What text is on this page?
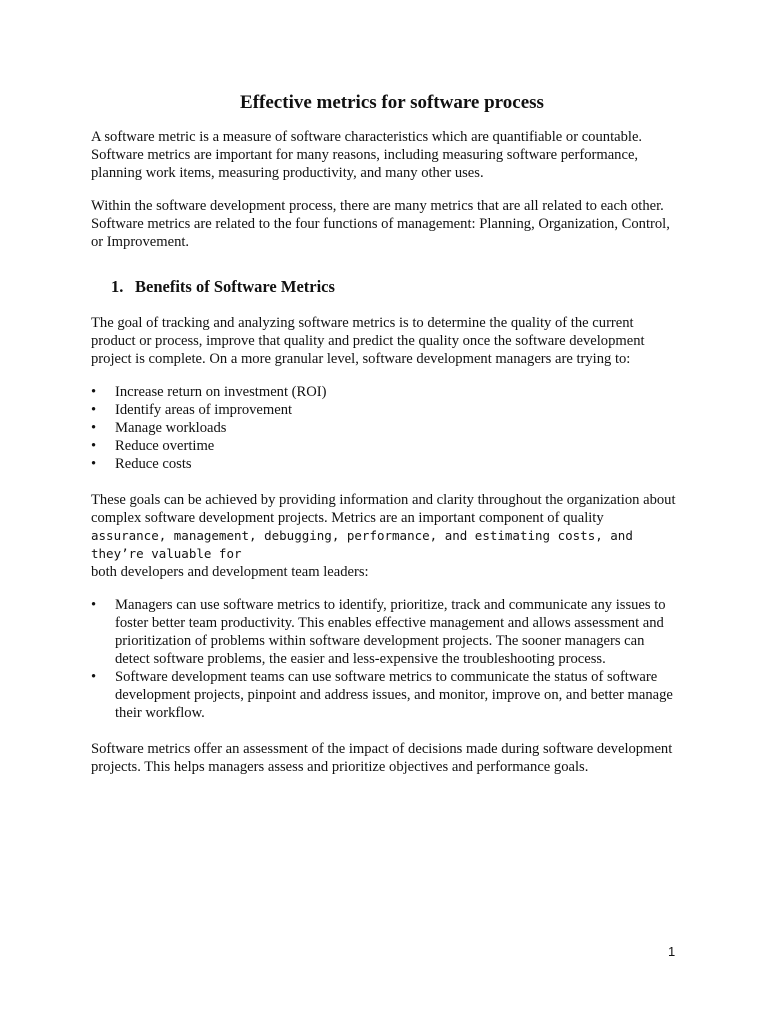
Effective metrics for software process

A software metric is a measure of software characteristics which are quantifiable or countable. Software metrics are important for many reasons, including measuring software performance, planning work items, measuring productivity, and many other uses.

Within the software development process, there are many metrics that are all related to each other. Software metrics are related to the four functions of management: Planning, Organization, Control, or Improvement.

1. Benefits of Software Metrics

The goal of tracking and analyzing software metrics is to determine the quality of the current product or process, improve that quality and predict the quality once the software development project is complete. On a more granular level, software development managers are trying to:

•	Increase return on investment (ROI)
•	Identify areas of improvement
•	Manage workloads
•	Reduce overtime
•	Reduce costs

These goals can be achieved by providing information and clarity throughout the organization about complex software development projects. Metrics are an important component of quality
assurance, management, debugging, performance, and estimating costs, and they’re valuable for
both developers and development team leaders:

•	Managers can use software metrics to identify, prioritize, track and communicate any issues to foster better team productivity. This enables effective management and allows assessment and prioritization of problems within software development projects. The sooner managers can detect software problems, the easier and less-expensive the troubleshooting process.
•	Software development teams can use software metrics to communicate the status of software development projects, pinpoint and address issues, and monitor, improve on, and better manage their workflow.

Software metrics offer an assessment of the impact of decisions made during software development projects. This helps managers assess and prioritize objectives and performance goals.

1
